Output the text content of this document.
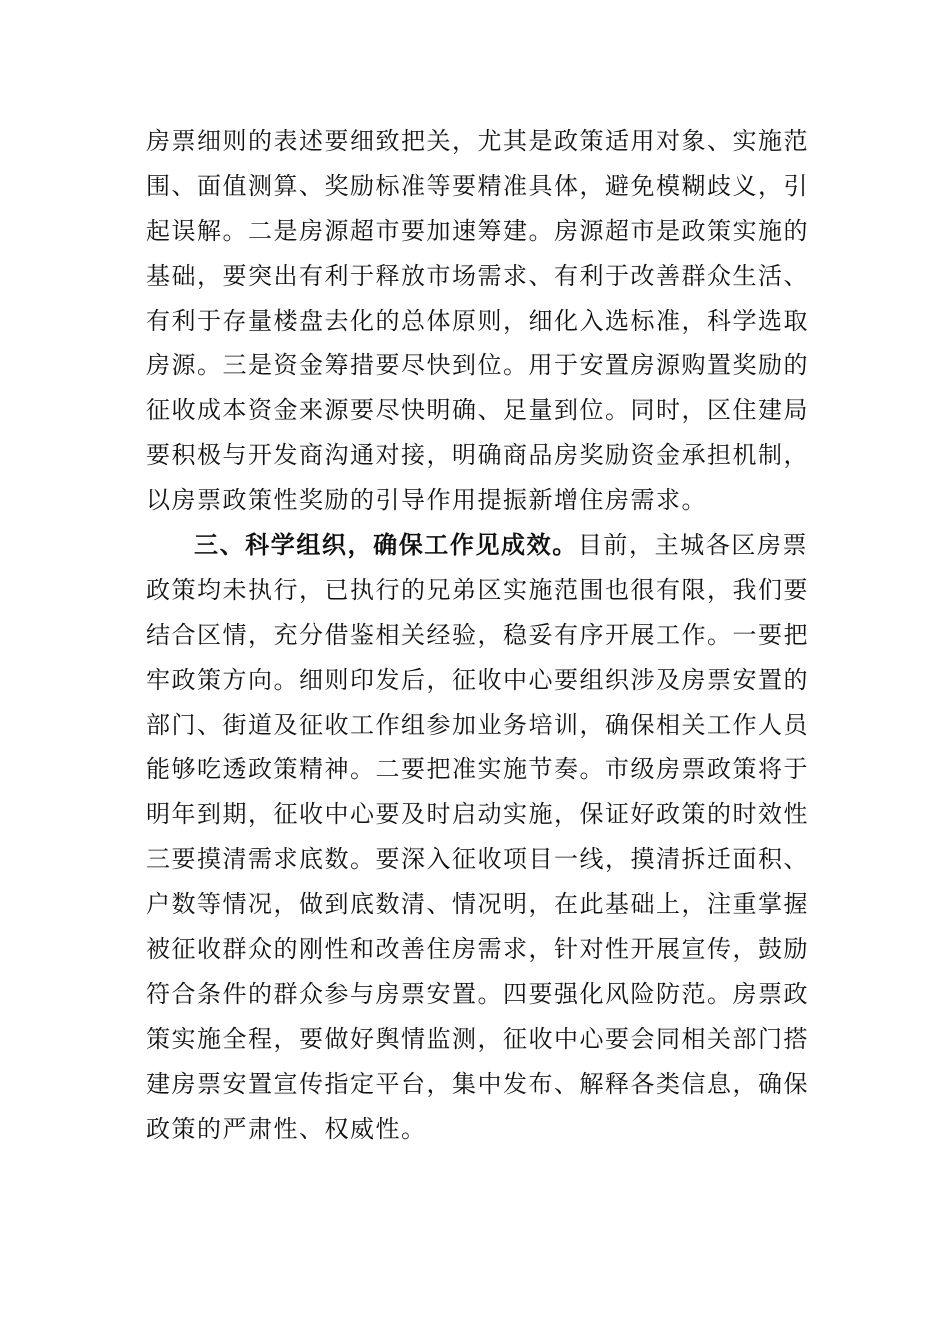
房票细则的表述要细致把关，尤其是政策适用对象、实施范
围、面值测算、奖励标准等要精准具体，避免模糊歧义，引
起误解。二是房源超市要加速筹建。房源超市是政策实施的
基础，要突出有利于释放市场需求、有利于改善群众生活、
有利于存量楼盘去化的总体原则，细化入选标准，科学选取
房源。三是资金筹措要尽快到位。用于安置房源购置奖励的
征收成本资金来源要尽快明确、足量到位。同时，区住建局
要积极与开发商沟通对接，明确商品房奖励资金承担机制，
以房票政策性奖励的引导作用提振新增住房需求。
三、科学组织，确保工作见成效。目前，主城各区房票
政策均未执行，已执行的兄弟区实施范围也很有限，我们要
结合区情，充分借鉴相关经验，稳妥有序开展工作。一要把
牢政策方向。细则印发后，征收中心要组织涉及房票安置的
部门、街道及征收工作组参加业务培训，确保相关工作人员
能够吃透政策精神。二要把准实施节奏。市级房票政策将于
明年到期，征收中心要及时启动实施，保证好政策的时效性
三要摸清需求底数。要深入征收项目一线，摸清拆迁面积、
户数等情况，做到底数清、情况明，在此基础上，注重掌握
被征收群众的刚性和改善住房需求，针对性开展宣传，鼓励
符合条件的群众参与房票安置。四要强化风险防范。房票政
策实施全程，要做好舆情监测，征收中心要会同相关部门搭
建房票安置宣传指定平台，集中发布、解释各类信息，确保
政策的严肃性、权威性。
